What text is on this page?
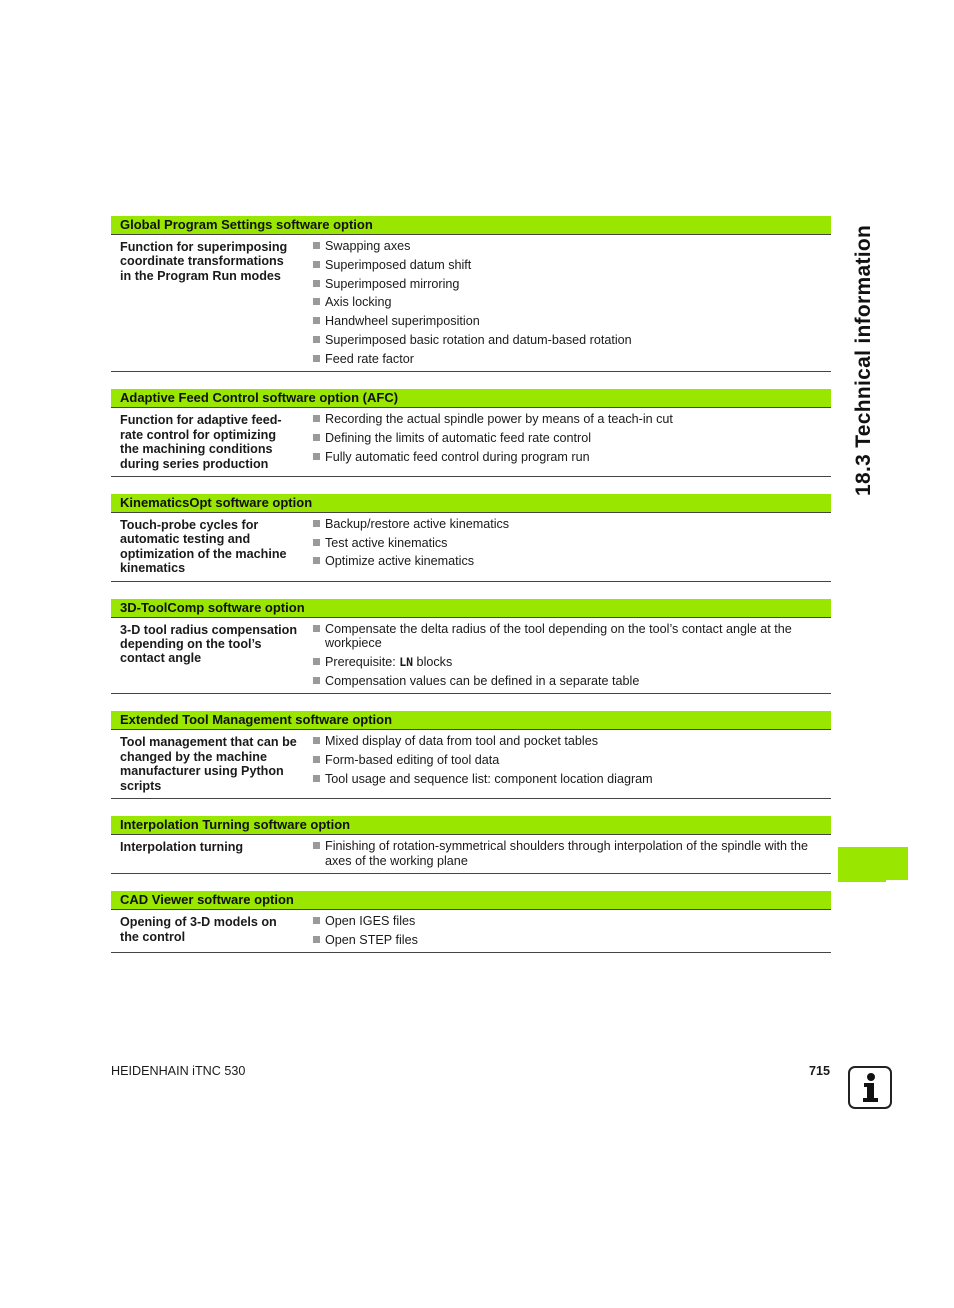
Global Program Settings software option
Function for superimposing coordinate transformations in the Program Run modes
Swapping axes
Superimposed datum shift
Superimposed mirroring
Axis locking
Handwheel superimposition
Superimposed basic rotation and datum-based rotation
Feed rate factor
Adaptive Feed Control software option (AFC)
Function for adaptive feed-rate control for optimizing the machining conditions during series production
Recording the actual spindle power by means of a teach-in cut
Defining the limits of automatic feed rate control
Fully automatic feed control during program run
KinematicsOpt software option
Touch-probe cycles for automatic testing and optimization of the machine kinematics
Backup/restore active kinematics
Test active kinematics
Optimize active kinematics
3D-ToolComp software option
3-D tool radius compensation depending on the tool’s contact angle
Compensate the delta radius of the tool depending on the tool’s contact angle at the workpiece
Prerequisite: LN blocks
Compensation values can be defined in a separate table
Extended Tool Management software option
Tool management that can be changed by the machine manufacturer using Python scripts
Mixed display of data from tool and pocket tables
Form-based editing of tool data
Tool usage and sequence list: component location diagram
Interpolation Turning software option
Interpolation turning	Finishing of rotation-symmetrical shoulders through interpolation of the spindle with the axes of the working plane
CAD Viewer software option
Opening of 3-D models on the control
Open IGES files
Open STEP files
18.3 Technical information
HEIDENHAIN iTNC 530	715
